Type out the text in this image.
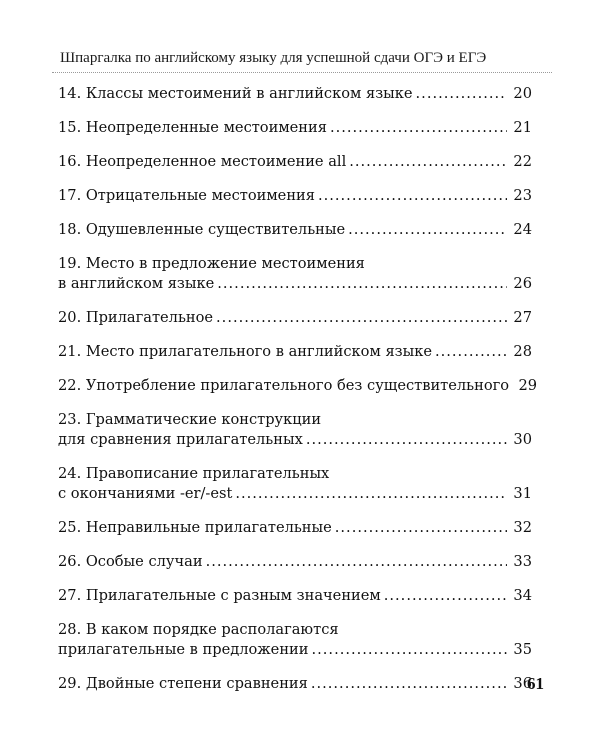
Шпаргалка по английскому языку для успешной сдачи ОГЭ и ЕГЭ
14. Классы местоимений в английском языке .....	20
15. Неопределенные местоимения .....	21
16. Неопределенное местоимение all .....	22
17. Отрицательные местоимения .....	23
18. Одушевленные существительные .....	24
19. Место в предложение местоимения
в английском языке .....	26
20. Прилагательное .....	27
21. Место прилагательного в английском языке .....	28
22. Употребление прилагательного без существительного 29
23. Грамматические конструкции
для сравнения прилагательных .....	30
24. Правописание прилагательных
с окончаниями -er/-est .....	31
25. Неправильные прилагательные .....	32
26. Особые случаи .....	33
27. Прилагательные с разным значением .....	34
28. В каком порядке располагаются
прилагательные в предложении .....	35
29. Двойные степени сравнения .....	36
61
